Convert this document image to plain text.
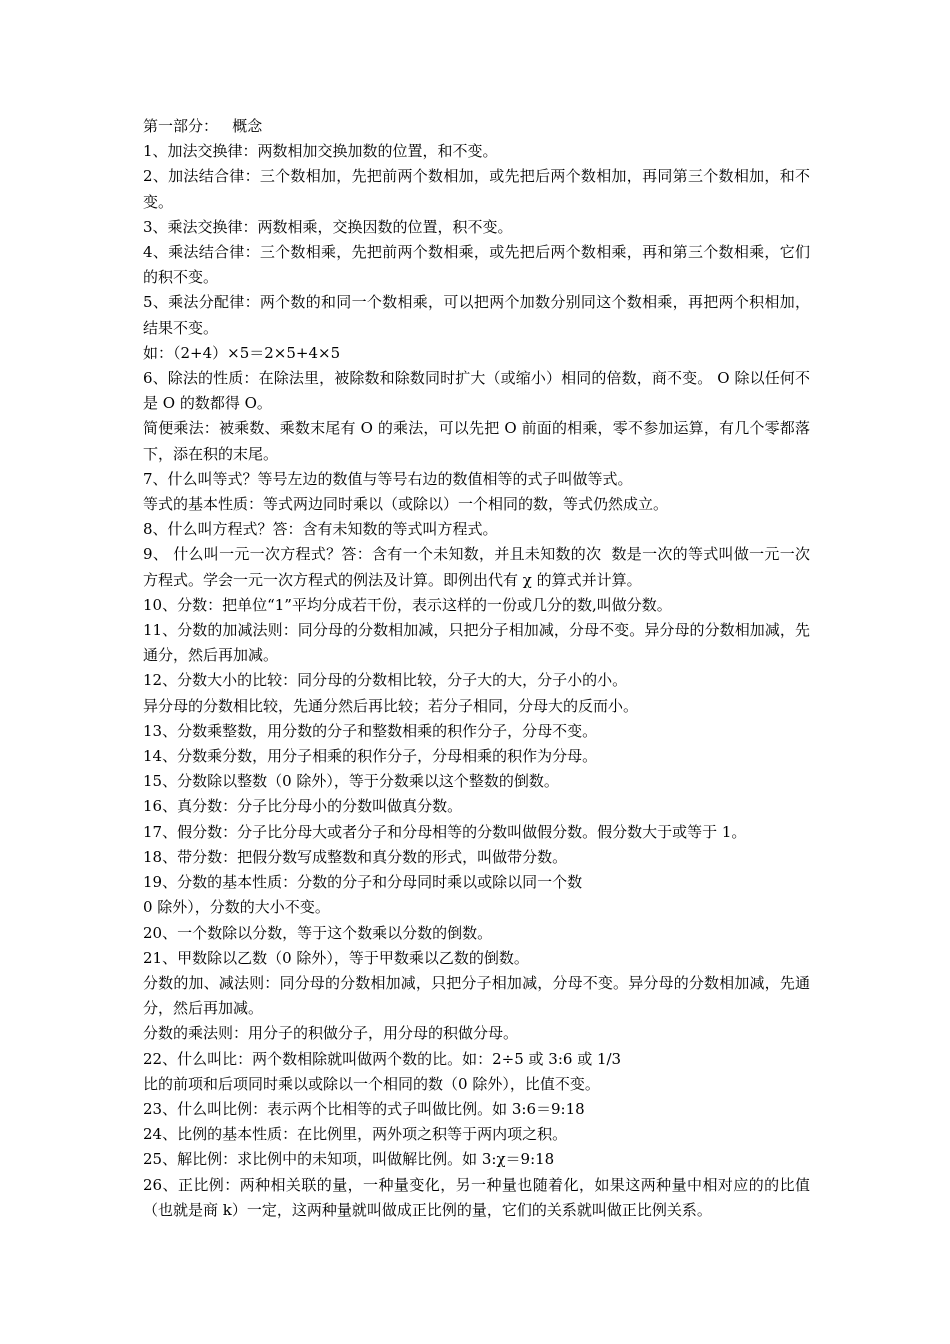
第一部分：   概念

1、加法交换律：两数相加交换加数的位置，和不变。

2、加法结合律：三个数相加，先把前两个数相加，或先把后两个数相加，再同第三个数相加，和不变。

3、乘法交换律：两数相乘，交换因数的位置，积不变。

4、乘法结合律：三个数相乘，先把前两个数相乘，或先把后两个数相乘，再和第三个数相乘，它们的积不变。

5、乘法分配律：两个数的和同一个数相乘，可以把两个加数分别同这个数相乘，再把两个积相加，结果不变。

如：（2+4）×5＝2×5+4×5

6、除法的性质：在除法里，被除数和除数同时扩大（或缩小）相同的倍数，商不变。 O 除以任何不是 O 的数都得 O。

简便乘法：被乘数、乘数末尾有 O 的乘法，可以先把 O 前面的相乘，零不参加运算，有几个零都落下，添在积的末尾。

7、什么叫等式？等号左边的数值与等号右边的数值相等的式子叫做等式。

等式的基本性质：等式两边同时乘以（或除以）一个相同的数，等式仍然成立。

8、什么叫方程式？答：含有未知数的等式叫方程式。

9、 什么叫一元一次方程式？答：含有一个未知数，并且未知数的次  数是一次的等式叫做一元一次方程式。学会一元一次方程式的例法及计算。即例出代有 χ 的算式并计算。

10、分数：把单位“1”平均分成若干份，表示这样的一份或几分的数,叫做分数。

11、分数的加减法则：同分母的分数相加减，只把分子相加减，分母不变。异分母的分数相加减，先通分，然后再加减。

12、分数大小的比较：同分母的分数相比较，分子大的大，分子小的小。

异分母的分数相比较，先通分然后再比较；若分子相同，分母大的反而小。

13、分数乘整数，用分数的分子和整数相乘的积作分子，分母不变。

14、分数乘分数，用分子相乘的积作分子，分母相乘的积作为分母。

15、分数除以整数（0 除外），等于分数乘以这个整数的倒数。

16、真分数：分子比分母小的分数叫做真分数。

17、假分数：分子比分母大或者分子和分母相等的分数叫做假分数。假分数大于或等于 1。

18、带分数：把假分数写成整数和真分数的形式，叫做带分数。

19、分数的基本性质：分数的分子和分母同时乘以或除以同一个数

0 除外），分数的大小不变。

20、一个数除以分数，等于这个数乘以分数的倒数。

21、甲数除以乙数（0 除外），等于甲数乘以乙数的倒数。

分数的加、减法则：同分母的分数相加减，只把分子相加减，分母不变。异分母的分数相加减，先通分，然后再加减。

分数的乘法则：用分子的积做分子，用分母的积做分母。

22、什么叫比：两个数相除就叫做两个数的比。如：2÷5 或 3:6 或 1/3

比的前项和后项同时乘以或除以一个相同的数（0 除外），比值不变。

23、什么叫比例：表示两个比相等的式子叫做比例。如 3:6＝9:18

24、比例的基本性质：在比例里，两外项之积等于两内项之积。

25、解比例：求比例中的未知项，叫做解比例。如 3:χ＝9:18

26、正比例：两种相关联的量，一种量变化，另一种量也随着化，如果这两种量中相对应的的比值（也就是商 k）一定，这两种量就叫做成正比例的量，它们的关系就叫做正比例关系。
